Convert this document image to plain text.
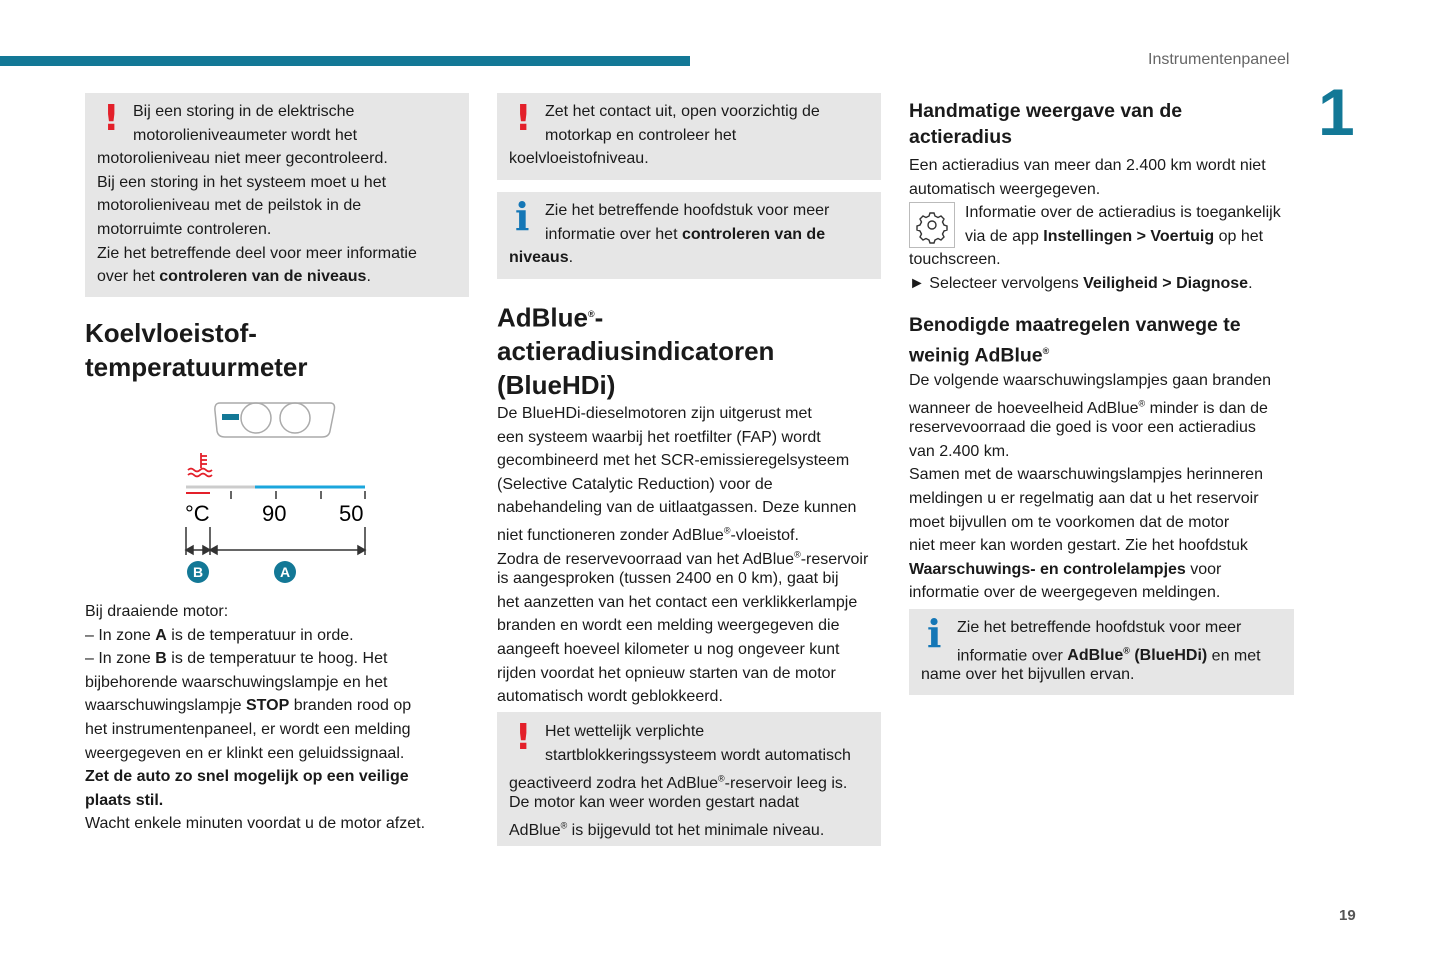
Instrumentenpaneel
1
19
! Bij een storing in de elektrische
motorolieniveaumeter wordt het
motorolieniveau niet meer gecontroleerd.
Bij een storing in het systeem moet u het
motorolieniveau met de peilstok in de
motorruimte controleren.
Zie het betreffende deel voor meer informatie
over het controleren van de niveaus.
Koelvloeistof-
temperatuurmeter
°C 90 50
B	A
Bij draaiende motor:
– In zone A is de temperatuur in orde.
– In zone B is de temperatuur te hoog. Het
bijbehorende waarschuwingslampje en het
waarschuwingslampje STOP branden rood op
het instrumentenpaneel, er wordt een melding
weergegeven en er klinkt een geluidssignaal.
Zet de auto zo snel mogelijk op een veilige
plaats stil.
Wacht enkele minuten voordat u de motor afzet.
! Zet het contact uit, open voorzichtig de
motorkap en controleer het
koelvloeistofniveau.
i Zie het betreffende hoofdstuk voor meer
informatie over het controleren van de
niveaus.
AdBlue®-
actieradiusindicatoren
(BlueHDi)
De BlueHDi-dieselmotoren zijn uitgerust met
een systeem waarbij het roetfilter (FAP) wordt
gecombineerd met het SCR-emissieregelsysteem
(Selective Catalytic Reduction) voor de
nabehandeling van de uitlaatgassen. Deze kunnen
niet functioneren zonder AdBlue®-vloeistof.
Zodra de reservevoorraad van het AdBlue®-reservoir
is aangesproken (tussen 2400 en 0 km), gaat bij
het aanzetten van het contact een verklikkerlampje
branden en wordt een melding weergegeven die
aangeeft hoeveel kilometer u nog ongeveer kunt
rijden voordat het opnieuw starten van de motor
automatisch wordt geblokkeerd.
! Het wettelijk verplichte
startblokkeringssysteem wordt automatisch
geactiveerd zodra het AdBlue®-reservoir leeg is.
De motor kan weer worden gestart nadat
AdBlue® is bijgevuld tot het minimale niveau.
Handmatige weergave van de
actieradius
Een actieradius van meer dan 2.400 km wordt niet
automatisch weergegeven.
Informatie over de actieradius is toegankelijk
via de app Instellingen > Voertuig op het
touchscreen.
► Selecteer vervolgens Veiligheid > Diagnose.
Benodigde maatregelen vanwege te
weinig AdBlue®
De volgende waarschuwingslampjes gaan branden
wanneer de hoeveelheid AdBlue® minder is dan de
reservevoorraad die goed is voor een actieradius
van 2.400 km.
Samen met de waarschuwingslampjes herinneren
meldingen u er regelmatig aan dat u het reservoir
moet bijvullen om te voorkomen dat de motor
niet meer kan worden gestart. Zie het hoofdstuk
Waarschuwings- en controlelampjes voor
informatie over de weergegeven meldingen.
i Zie het betreffende hoofdstuk voor meer
informatie over AdBlue® (BlueHDi) en met
name over het bijvullen ervan.
